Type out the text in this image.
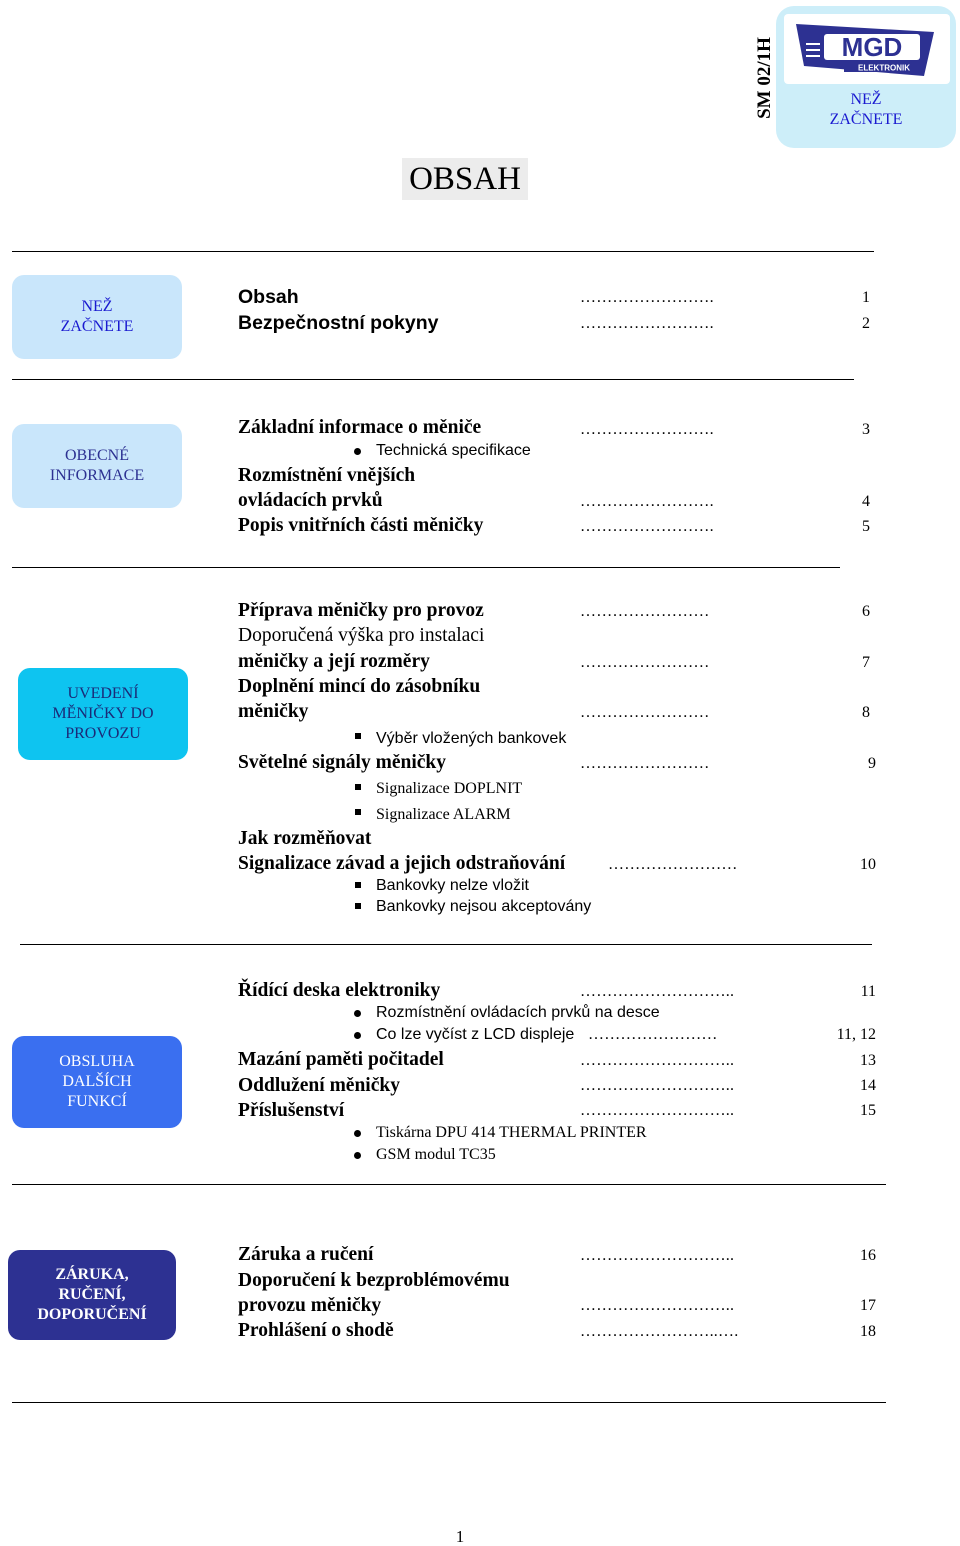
SM 02/1H	MGD
ELEKTRONIK
NEŽ
ZAČNETE
OBSAH
NEŽ
ZAČNETE
OBECNÉ
INFORMACE
UVEDENÍ
MĚNIČKY DO
PROVOZU
OBSLUHA
DALŠÍCH
FUNKCÍ
ZÁRUKA,
RUČENÍ,
DOPORUČENÍ
Obsah	…………………….	1
Bezpečnostní pokyny	…………………….	2
Základní informace o měniče	…………………….	3
Technická specifikace
Rozmístnění vnějších
ovládacích prvků	…………………….	4
Popis vnitřních části měničky	…………………….	5
Příprava měničky pro provoz	……………………	6
Doporučená výška pro instalaci
měničky a její rozměry	……………………	7
Doplnění mincí do zásobníku
měničky	……………………	8
Výběr vložených bankovek
Světelné signály měničky	……………………	9
Signalizace DOPLNIT
Signalizace ALARM
Jak rozměňovat
Signalizace závad a jejich odstraňování	……………………	10
Bankovky nelze vložit
Bankovky nejsou akceptovány
Řídící deska elektroniky	………………………..	11
Rozmístnění ovládacích prvků na desce
Co lze vyčíst z LCD displeje ……………………	11, 12
Mazání paměti počitadel	………………………..	13
Oddlužení měničky	………………………..	14
Příslušenství	………………………..	15
Tiskárna DPU 414 THERMAL PRINTER
GSM modul TC35
Záruka a ručení	………………………..	16
Doporučení k bezproblémovému
provozu měničky	………………………..	17
Prohlášení o shodě	……………………..….	18
1
